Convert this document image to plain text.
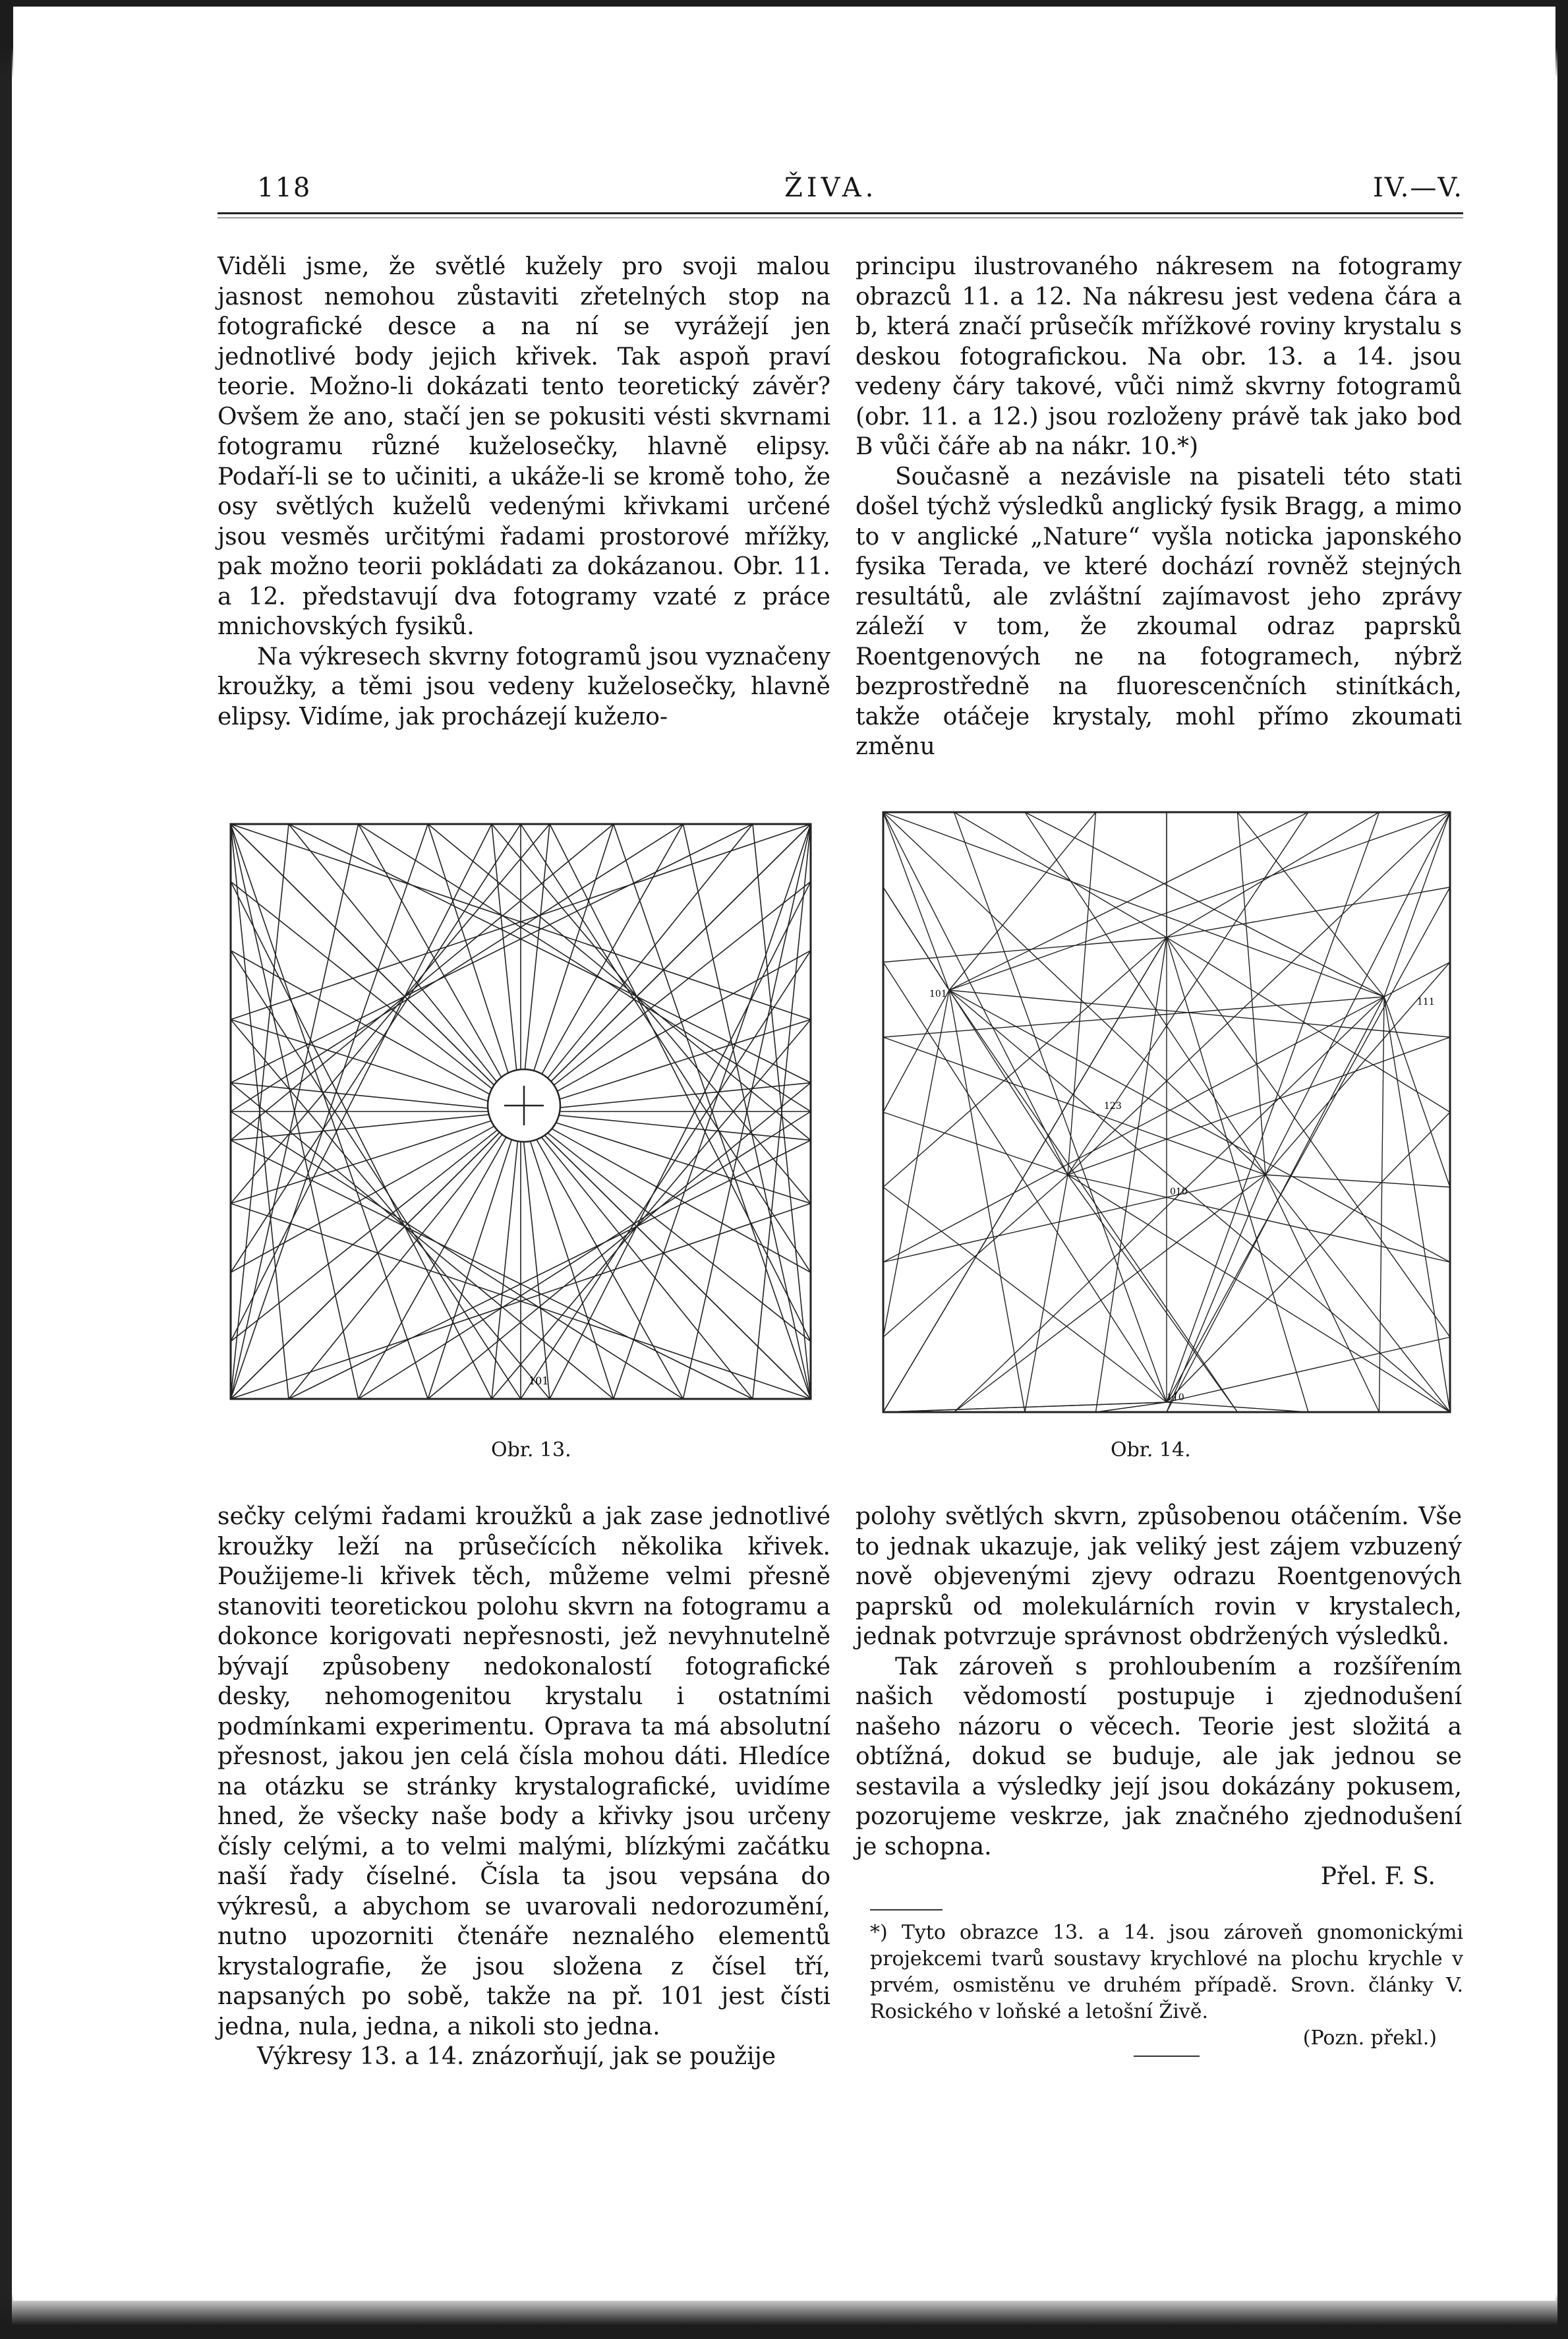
118	ŽIVA.	IV.—V.

Viděli jsme, že světlé kužely pro svoji malou jasnost nemohou zůstaviti zřetelných stop na fotografické desce a na ní se vyrážejí jen jednotlivé body jejich křivek. Tak aspoň praví teorie. Možno-li dokázati tento teoretický závěr? Ovšem že ano, stačí jen se pokusiti vésti skvrnami fotogramu různé kuželosečky, hlavně elipsy. Podaří-li se to učiniti, a ukáže-li se kromě toho, že osy světlých kuželů vedenými křivkami určené jsou vesměs určitými řadami prostorové mřížky, pak možno teorii pokládati za dokázanou. Obr. 11. a 12. představují dva fotogramy vzaté z práce mnichovských fysiků.

Na výkresech skvrny fotogramů jsou vyznačeny kroužky, a těmi jsou vedeny kuželosečky, hlavně elipsy. Vidíme, jak procházejí kužело-

principu ilustrovaného nákresem na fotogramy obrazců 11. a 12. Na nákresu jest vedena čára a b, která značí průsečík mřížkové roviny krystalu s deskou fotografickou. Na obr. 13. a 14. jsou vedeny čáry takové, vůči nimž skvrny fotogramů (obr. 11. a 12.) jsou rozloženy právě tak jako bod B vůči čáře ab na nákr. 10.*)

Současně a nezávisle na pisateli této stati došel týchž výsledků anglický fysik Bragg, a mimo to v anglické „Nature“ vyšla noticka japonského fysika Terada, ve které dochází rovněž stejných resultátů, ale zvláštní zajímavost jeho zprávy záleží v tom, že zkoumal odraz paprsků Roentgenových ne na fotogramech, nýbrž bezprostředně na fluorescenčních stinítkách, takže otáčeje krystaly, mohl přímo zkoumati změnu

101
Obr. 13.
101
111
110
123
010
Obr. 14.

sečky celými řadami kroužků a jak zase jednotlivé kroužky leží na průsečících několika křivek. Použijeme-li křivek těch, můžeme velmi přesně stanoviti teoretickou polohu skvrn na fotogramu a dokonce korigovati nepřesnosti, jež nevyhnutelně bývají způsobeny nedokonalostí fotografické desky, nehomogenitou krystalu i ostatními podmínkami experimentu. Oprava ta má absolutní přesnost, jakou jen celá čísla mohou dáti. Hledíce na otázku se stránky krystalografické, uvidíme hned, že všecky naše body a křivky jsou určeny čísly celými, a to velmi malými, blízkými začátku naší řady číselné. Čísla ta jsou vepsána do výkresů, a abychom se uvarovali nedorozumění, nutno upozorniti čtenáře neznalého elementů krystalografie, že jsou složena z čísel tří, napsaných po sobě, takže na př. 101 jest čísti jedna, nula, jedna, a nikoli sto jedna.

Výkresy 13. a 14. znázorňují, jak se použije

polohy světlých skvrn, způsobenou otáčením. Vše to jednak ukazuje, jak veliký jest zájem vzbuzený nově objevenými zjevy odrazu Roentgenových paprsků od molekulárních rovin v krystalech, jednak potvrzuje správnost obdržených výsledků.

Tak zároveň s prohloubením a rozšířením našich vědomostí postupuje i zjednodušení našeho názoru o věcech. Teorie jest složitá a obtížná, dokud se buduje, ale jak jednou se sestavila a výsledky její jsou dokázány pokusem, pozorujeme veskrze, jak značného zjednodušení je schopna.

Přel. F. S.

*) Tyto obrazce 13. a 14. jsou zároveň gnomonickými projekcemi tvarů soustavy krychlové na plochu krychle v prvém, osmistěnu ve druhém případě. Srovn. články V. Rosického v loňské a letošní Živě.
(Pozn. překl.)
